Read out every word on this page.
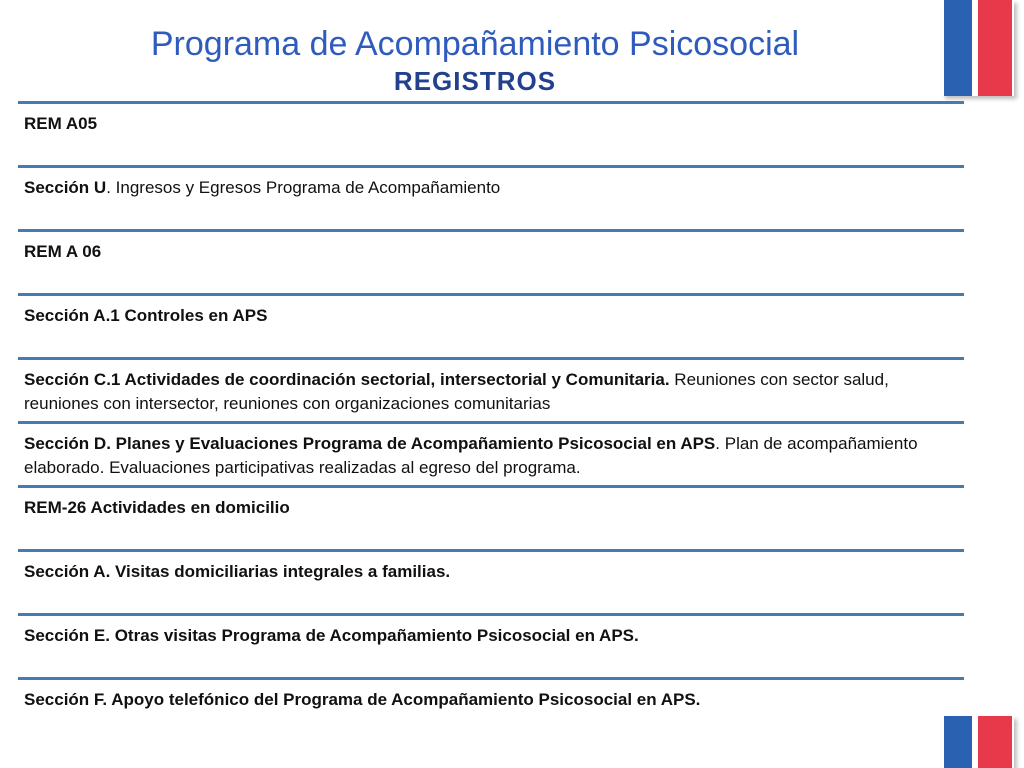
Programa de Acompañamiento Psicosocial
REGISTROS
REM A05
Sección U. Ingresos y Egresos Programa de Acompañamiento
REM A 06
Sección A.1 Controles en APS
Sección C.1 Actividades de coordinación sectorial, intersectorial y Comunitaria. Reuniones con sector salud, reuniones con intersector, reuniones con organizaciones comunitarias
Sección D. Planes y Evaluaciones Programa de Acompañamiento Psicosocial en APS. Plan de acompañamiento elaborado. Evaluaciones participativas realizadas al egreso del programa.
REM-26 Actividades en domicilio
Sección A. Visitas domiciliarias integrales a familias.
Sección E. Otras visitas Programa de Acompañamiento Psicosocial en APS.
Sección F. Apoyo telefónico del Programa de Acompañamiento Psicosocial en APS.
